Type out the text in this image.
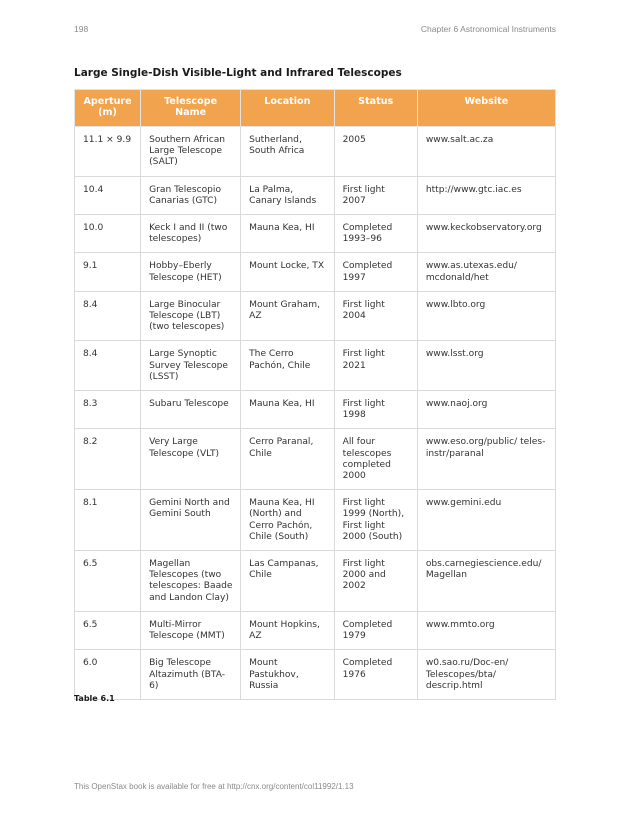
198	Chapter 6 Astronomical Instruments
Large Single-Dish Visible-Light and Infrared Telescopes
Aperture (m)	Telescope Name	Location	Status	Website
11.1 × 9.9	Southern African Large Telescope (SALT)	Sutherland, South Africa	2005	www.salt.ac.za
10.4	Gran Telescopio Canarias (GTC)	La Palma, Canary Islands	First light 2007	http://www.gtc.iac.es
10.0	Keck I and II (two telescopes)	Mauna Kea, HI	Completed 1993–96	www.keckobservatory.org
9.1	Hobby–Eberly Telescope (HET)	Mount Locke, TX	Completed 1997	www.as.utexas.edu/ mcdonald/het
8.4	Large Binocular Telescope (LBT) (two telescopes)	Mount Graham, AZ	First light 2004	www.lbto.org
8.4	Large Synoptic Survey Telescope (LSST)	The Cerro Pachón, Chile	First light 2021	www.lsst.org
8.3	Subaru Telescope	Mauna Kea, HI	First light 1998	www.naoj.org
8.2	Very Large Telescope (VLT)	Cerro Paranal, Chile	All four telescopes completed 2000	www.eso.org/public/ teles-instr/paranal
8.1	Gemini North and Gemini South	Mauna Kea, HI (North) and Cerro Pachón, Chile (South)	First light 1999 (North), First light 2000 (South)	www.gemini.edu
6.5	Magellan Telescopes (two telescopes: Baade and Landon Clay)	Las Campanas, Chile	First light 2000 and 2002	obs.carnegiescience.edu/ Magellan
6.5	Multi-Mirror Telescope (MMT)	Mount Hopkins, AZ	Completed 1979	www.mmto.org
6.0	Big Telescope Altazimuth (BTA-6)	Mount Pastukhov, Russia	Completed 1976	w0.sao.ru/Doc-en/ Telescopes/bta/ descrip.html
Table 6.1
This OpenStax book is available for free at http://cnx.org/content/col11992/1.13
